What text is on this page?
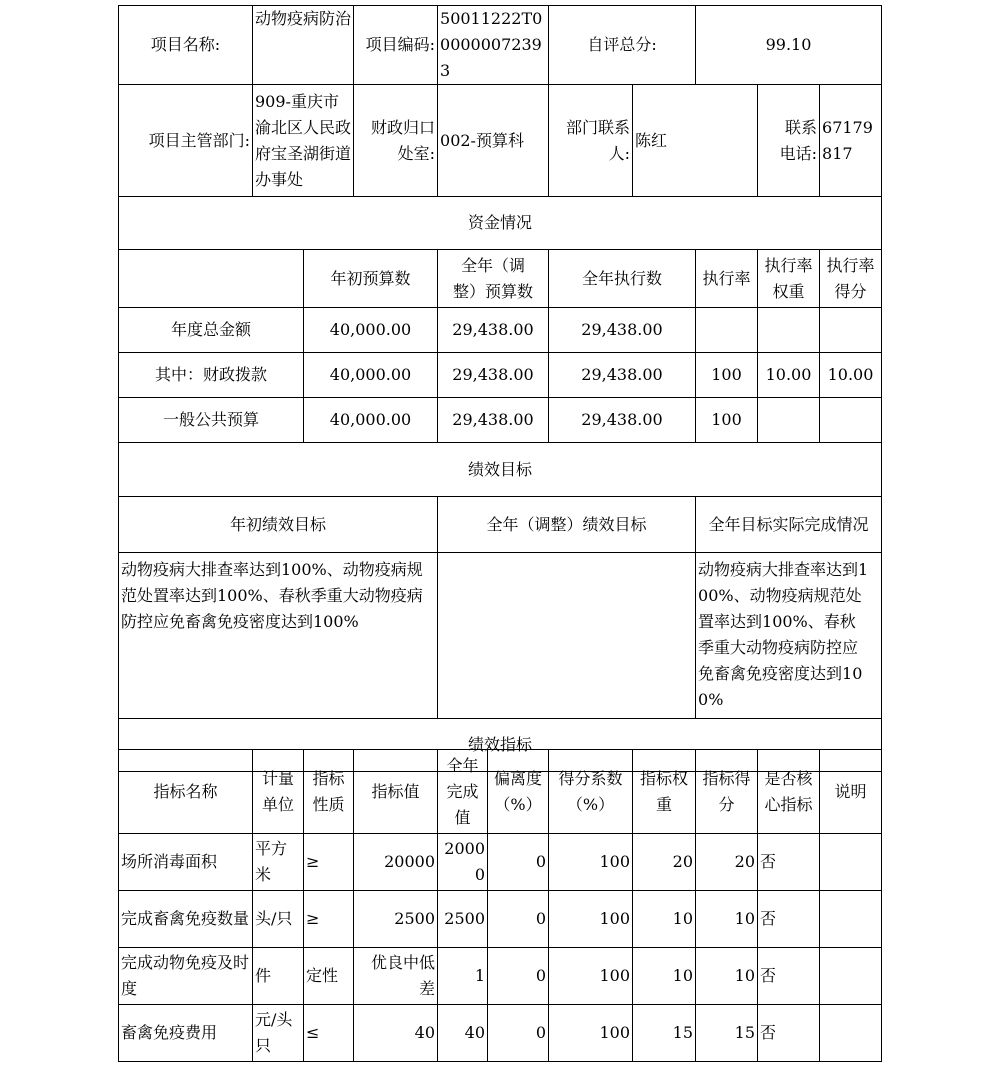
项目名称:	动物疫病防治		项目编码:	50011222T000000072393	自评总分:		99.10		
项目主管部门:	909-重庆市渝北区人民政府宝圣湖街道办事处		财政归口处室:	002-预算科	部门联系人:	陈红		联系电话:	67179817
资金情况									
		年初预算数		全年（调整）预算数	全年执行数		执行率	执行率权重	执行率得分
年度总金额		40,000.00		29,438.00	29,438.00				
其中：财政拨款		40,000.00		29,438.00	29,438.00		100	10.00	10.00
一般公共预算		40,000.00		29,438.00	29,438.00		100		
绩效目标									
年初绩效目标				全年（调整）绩效目标			全年目标实际完成情况		
动物疫病大排查率达到100%、动物疫病规范处置率达到100%、春秋季重大动物疫病防控应免畜禽免疫密度达到100%							动物疫病大排查率达到100%、动物疫病规范处置率达到100%、春秋季重大动物疫病防控应免畜禽免疫密度达到100%		
绩效指标									
指标名称	计量单位	指标性质	指标值	全年完成值	偏离度（%）	得分系数（%）	指标权重	指标得分	是否核心指标	说明
场所消毒面积	平方米	≥	20000	20000	0	100	20	20	否	
完成畜禽免疫数量	头/只	≥	2500	2500	0	100	10	10	否	
完成动物免疫及时度	件	定性	优良中低差	1	0	100	10	10	否	
畜禽免疫费用	元/头只	≤	40	40	0	100	15	15	否	
